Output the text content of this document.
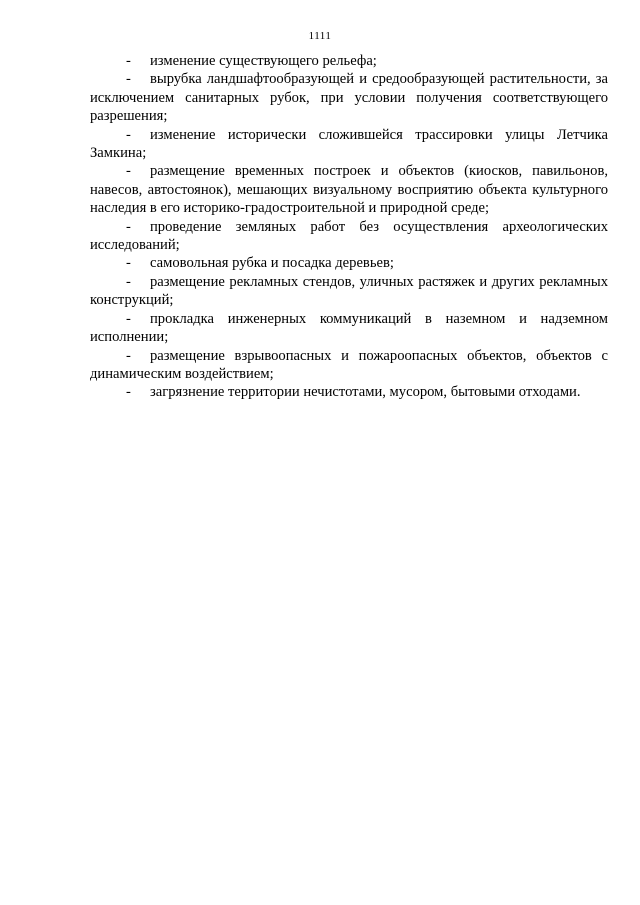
1111

- изменение существующего рельефа;

- вырубка ландшафтообразующей и средообразующей растительности, за исключением санитарных рубок, при условии получения соответствующего разрешения;

- изменение исторически сложившейся трассировки улицы Летчика Замкина;

- размещение временных построек и объектов (киосков, павильонов, навесов, автостоянок), мешающих визуальному восприятию объекта культурного наследия в его историко-градостроительной и природной среде;

- проведение земляных работ без осуществления археологических исследований;

- самовольная рубка и посадка деревьев;

- размещение рекламных стендов, уличных растяжек и других рекламных конструкций;

- прокладка инженерных коммуникаций в наземном и надземном исполнении;

- размещение взрывоопасных и пожароопасных объектов, объектов с динамическим воздействием;

- загрязнение территории нечистотами, мусором, бытовыми отходами.
